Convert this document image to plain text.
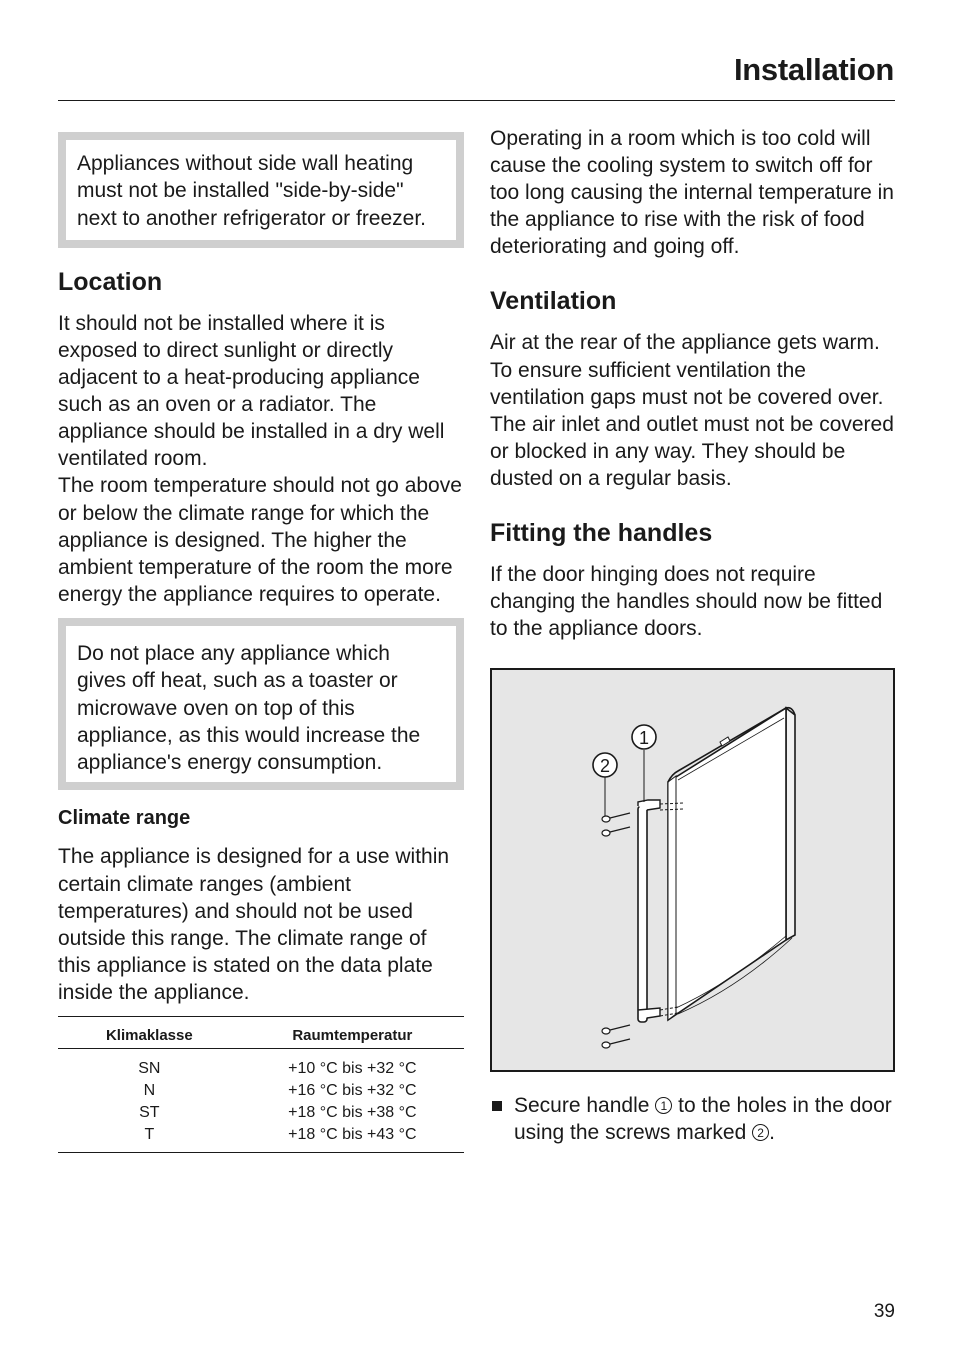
Installation
Appliances without side wall heating must not be installed "side-by-side" next to another refrigerator or freezer.
Location

It should not be installed where it is exposed to direct sunlight or directly adjacent to a heat-producing appliance such as an oven or a radiator. The appliance should be installed in a dry well ventilated room.

The room temperature should not go above or below the climate range for which the appliance is designed. The higher the ambient temperature of the room the more energy the appliance requires to operate.

Do not place any appliance which gives off heat, such as a toaster or microwave oven on top of this appliance, as this would increase the appliance's energy consumption.
Climate range

The appliance is designed for a use within certain climate ranges (ambient temperatures) and should not be used outside this range. The climate range of this appliance is stated on the data plate inside the appliance.

Klimaklasse	Raumtemperatur
SN	+10 °C bis +32 °C
N	+16 °C bis +32 °C
ST	+18 °C bis +38 °C
T	+18 °C bis +43 °C

Operating in a room which is too cold will cause the cooling system to switch off for too long causing the internal temperature in the appliance to rise with the risk of food deteriorating and going off.

Ventilation

Air at the rear of the appliance gets warm. To ensure sufficient ventilation the ventilation gaps must not be covered over. The air inlet and outlet must not be covered or blocked in any way. They should be dusted on a regular basis.

Fitting the handles

If the door hinging does not require changing the handles should now be fitted to the appliance doors.

1
2
Secure handle 1 to the holes in the door using the screws marked 2 .
39
